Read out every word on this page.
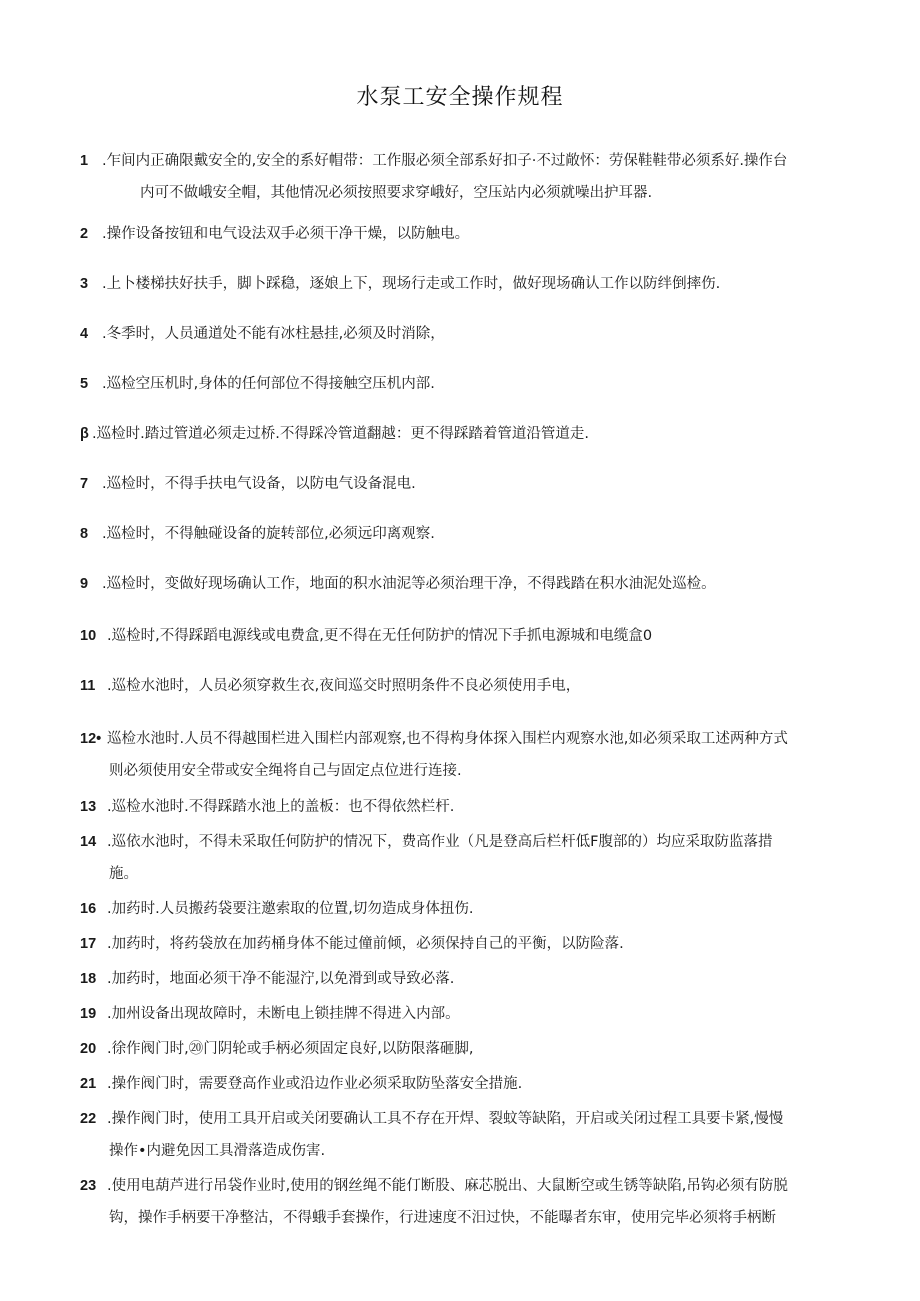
水泵工安全操作规程
1 .乍间内正确限戴安全的,安全的系好帽带：工作服必须全部系好扣子·不过敞怀：劳保鞋鞋带必须系好.操作台
内可不做峨安全帽，其他情况必须按照要求穿峨好，空压站内必须就噪出护耳器.
2 .操作设备按钮和电气设法双手必须干净干燥，以防触电。
3 .上卜楼梯扶好扶手，脚卜踩稳，逐娘上下，现场行走或工作时，做好现场确认工作以防绊倒摔伤.
4 .冬季时，人员通道处不能有冰柱悬挂,必须及时消除，
5 .巡检空压机时,身体的任何部位不得接触空压机内部.
β .巡检时.踏过管道必须走过桥.不得踩冷管道翻越：更不得踩踏着管道沿管道走.
7 .巡检时，不得手扶电气设备，以防电气设备混电.
8 .巡检时，不得触碰设备的旋转部位,必须远印离观察.
9 .巡检时，变做好现场确认工作，地面的积水油泥等必须治理干净，不得践踏在积水油泥处巡检。
10 .巡检时,不得踩蹈电源线或电费盒,更不得在无任何防护的情况下手抓电源城和电缆盒0
11 .巡检水池时，人员必须穿救生衣,夜间巡交时照明条件不良必须使用手电，
12• 巡检水池时.人员不得越围栏进入围栏内部观察,也不得构身体探入围栏内观察水池,如必须采取工述两种方式
则必须使用安全带或安全绳将自己与固定点位进行连接.
13 .巡检水池时.不得踩踏水池上的盖板：也不得依然栏杆.
14 .巡依水池时，不得未采取任何防护的情况下，费高作业（凡是登高后栏杆低F腹部的）均应采取防监落措
施。
16 .加药时.人员搬药袋要注邀索取的位置,切勿造成身体扭伤.
17 .加药时，将药袋放在加药桶身体不能过僮前倾，必须保持自己的平衡，以防险落.
18 .加药时，地面必须干净不能湿泞,以免滑到或导致必落.
19 .加州设备出现故障时，未断电上锁挂牌不得进入内部。
20 .徐作阀门时,⑳门阴轮或手柄必须固定良好,以防限落砸脚,
21 .操作阀门时，需要登高作业或沿边作业必须采取防坠落安全措施.
22 .操作阀门时，使用工具开启或关闭要确认工具不存在开焊、裂蚊等缺陷，开启或关闭过程工具要卡紧,慢慢
操作•内避免因工具滑落造成伤害.
23 .使用电葫芦进行吊袋作业时,使用的钢丝绳不能仃断股、麻芯脱出、大鼠断空或生锈等缺陷,吊钩必须有防脱
钩，操作手柄要干净整沽，不得蛾手套操作，行进速度不汨过快，不能曝者东审，使用完毕必须将手柄断
